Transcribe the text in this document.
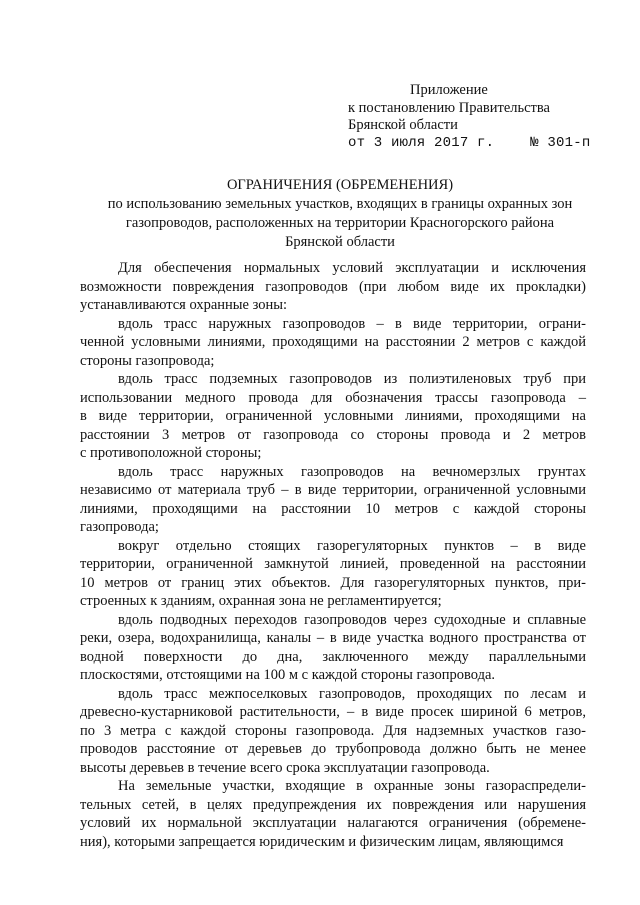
Приложение
к постановлению Правительства
Брянской области
от 3 июля 2017 г.	№ 301-п
ОГРАНИЧЕНИЯ (ОБРЕМЕНЕНИЯ)
по использованию земельных участков, входящих в границы охранных зон
газопроводов, расположенных на территории Красногорского района
Брянской области
Для обеспечения нормальных условий эксплуатации и исключения
возможности повреждения газопроводов (при любом виде их прокладки)
устанавливаются охранные зоны:
вдоль трасс наружных газопроводов – в виде территории, ограни-
ченной условными линиями, проходящими на расстоянии 2 метров с каждой
стороны газопровода;
вдоль трасс подземных газопроводов из полиэтиленовых труб при
использовании медного провода для обозначения трассы газопровода –
в виде территории, ограниченной условными линиями, проходящими на
расстоянии 3 метров от газопровода со стороны провода и 2 метров
с противоположной стороны;
вдоль трасс наружных газопроводов на вечномерзлых грунтах
независимо от материала труб – в виде территории, ограниченной условными
линиями, проходящими на расстоянии 10 метров с каждой стороны
газопровода;
вокруг отдельно стоящих газорегуляторных пунктов – в виде
территории, ограниченной замкнутой линией, проведенной на расстоянии
10 метров от границ этих объектов. Для газорегуляторных пунктов, при-
строенных к зданиям, охранная зона не регламентируется;
вдоль подводных переходов газопроводов через судоходные и сплавные
реки, озера, водохранилища, каналы – в виде участка водного пространства от
водной поверхности до дна, заключенного между параллельными
плоскостями, отстоящими на 100 м с каждой стороны газопровода.
вдоль трасс межпоселковых газопроводов, проходящих по лесам и
древесно-кустарниковой растительности, – в виде просек шириной 6 метров,
по 3 метра с каждой стороны газопровода. Для надземных участков газо-
проводов расстояние от деревьев до трубопровода должно быть не менее
высоты деревьев в течение всего срока эксплуатации газопровода.
На земельные участки, входящие в охранные зоны газораспредели-
тельных сетей, в целях предупреждения их повреждения или нарушения
условий их нормальной эксплуатации налагаются ограничения (обремене-
ния), которыми запрещается юридическим и физическим лицам, являющимся
